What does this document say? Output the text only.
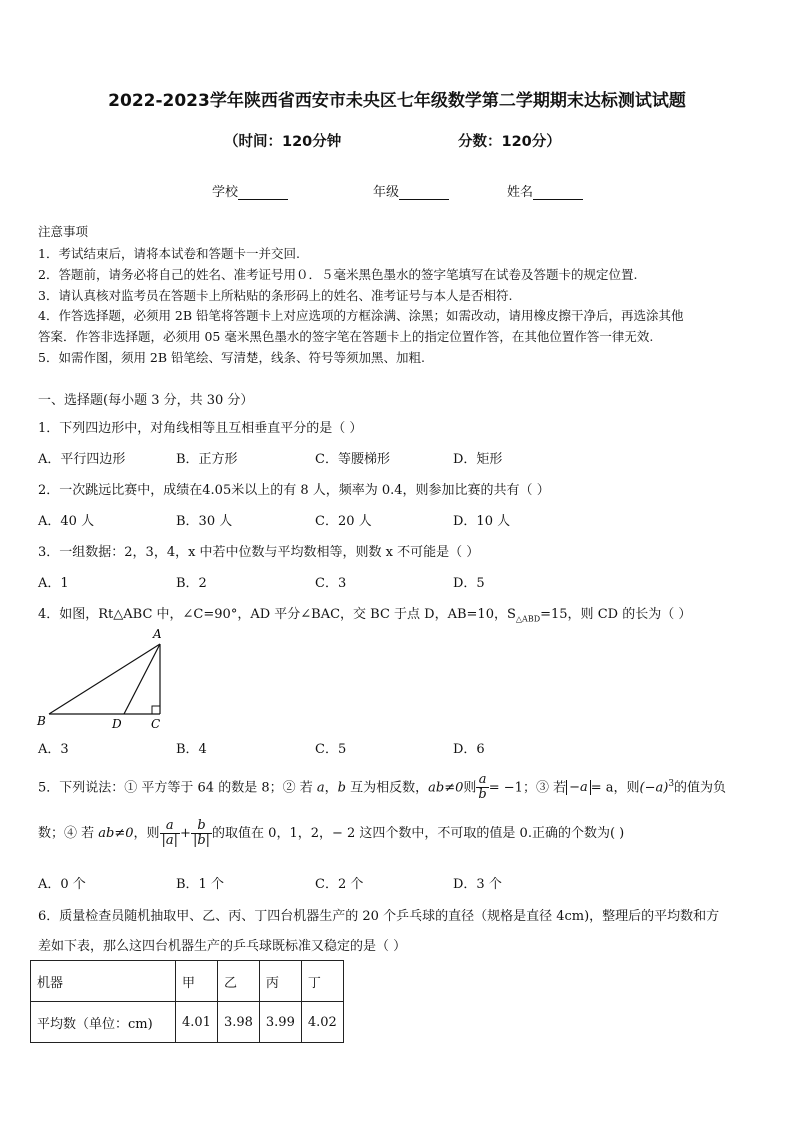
2022-2023学年陕西省西安市未央区七年级数学第二学期期末达标测试试题
（时间：120分钟	分数：120分）
学校	年级	姓名
注意事项
1．考试结束后，请将本试卷和答题卡一并交回.
2．答题前，请务必将自己的姓名、准考证号用０．５毫米黑色墨水的签字笔填写在试卷及答题卡的规定位置.
3．请认真核对监考员在答题卡上所粘贴的条形码上的姓名、准考证号与本人是否相符.
4．作答选择题，必须用 2B 铅笔将答题卡上对应选项的方框涂满、涂黑；如需改动，请用橡皮擦干净后，再选涂其他
答案．作答非选择题，必须用 05 毫米黑色墨水的签字笔在答题卡上的指定位置作答，在其他位置作答一律无效.
5．如需作图，须用 2B 铅笔绘、写清楚，线条、符号等须加黑、加粗.
一、选择题(每小题 3 分，共 30 分）
1．下列四边形中，对角线相等且互相垂直平分的是（ ）
A．平行四边形	B．正方形	C．等腰梯形	D．矩形
2．一次跳远比赛中，成绩在4.05米以上的有 8 人，频率为 0.4，则参加比赛的共有（ ）
A．40 人	B．30 人	C．20 人	D．10 人
3．一组数据：2，3，4，x 中若中位数与平均数相等，则数 x 不可能是（ ）
A．1	B．2	C．3	D．5
4．如图，Rt△ABC 中，∠C=90°，AD 平分∠BAC，交 BC 于点 D，AB=10，$S_{\triangle ABD}=15$，则 CD 的长为（ ）
A
B	C
D
A．3	B．4	C．5	D．6
5．下列说法：① 平方等于 64 的数是 8；② 若 a，b 互为相反数，ab≠0则 $\frac{a}{b} = -1$；③ 若 −a = a，则$(-a)^3$的值为负
数；④ 若 ab≠0，则 $\frac{a}{|a|} + \frac{b}{|b|}$ 的取值在 0，1，2，− 2 这四个数中，不可取的值是 0.正确的个数为( )
A．0 个	B．1 个	C．2 个	D．3 个
6．质量检查员随机抽取甲、乙、丙、丁四台机器生产的 20 个乒乓球的直径（规格是直径 4cm)，整理后的平均数和方
差如下表，那么这四台机器生产的乒乓球既标准又稳定的是（ ）
机器	甲	乙	丙	丁
平均数（单位：cm)	4.01	3.98	3.99	4.02
